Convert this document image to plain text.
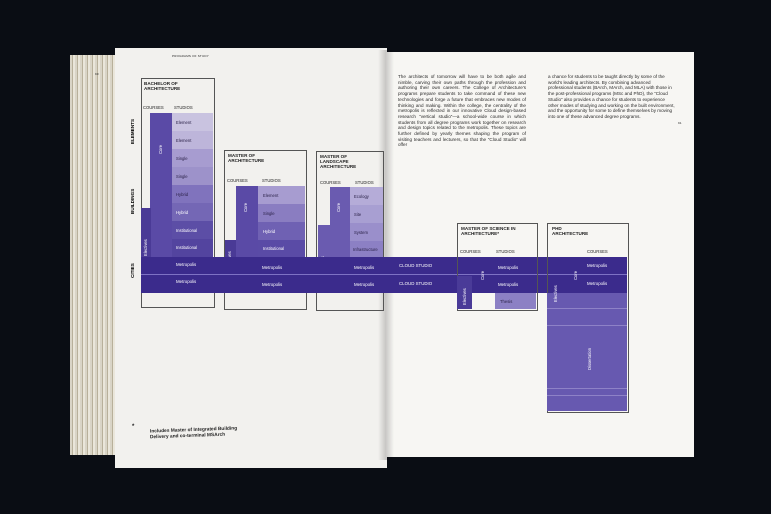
PROGRAMS OF STUDY
90
91
ELEMENTS
BUILDINGS
CITIES
BACHELOR OF
ARCHITECTURE
COURSES STUDIOS
Core
Electives
Element
Element
Single
Single
Hybrid
Hybrid
Institutional
Institutional
MASTER OF
ARCHITECTURE
COURSES	STUDIOS
Core
Element
Single
Hybrid
Institutional
MASTER OF
LANDSCAPE
ARCHITECTURE
COURSES	STUDIOS
Core
Ecology
Site
System
Infrastructure
Metropolis
Metropolis
Metropolis
Metropolis
Metropolis
Metropolis
CLOUD STUDIO
CLOUD STUDIO
MASTER OF SCIENCE IN
ARCHITECTURE*
COURSES	STUDIOS
Electives
Metropolis
Metropolis
Thesis
Core
PHD
ARCHITECTURE
COURSES
Dissertation
Metropolis
Metropolis
Core
Electives
*	Includes Master of Integrated Building
Delivery and co-terminal MSArch
The architects of tomorrow will have to be both agile and nimble, carving their own paths through the profession and authoring their own careers. The College of Architecture’s programs prepare students to take command of these new technologies and forge a future that embraces new modes of thinking and making. Within the college, the centrality of the metropolis is reflected in our innovative Cloud design-based research “vertical studio”—a school-wide course in which students from all degree programs work together on research and design topics related to the metropolis. These topics are further defined by yearly themes shaping the program of visiting teachers and lecturers, so that the “Cloud Studio” will offer
a chance for students to be taught directly by some of the world’s leading architects. By combining advanced professional students (BArch, MArch, and MLA) with those in the post-professional programs (MSc and PhD), the “Cloud Studio” also provides a chance for students to experience other modes of studying and working on the built environment, and the opportunity for some to define themselves by moving into one of these advanced degree programs.
